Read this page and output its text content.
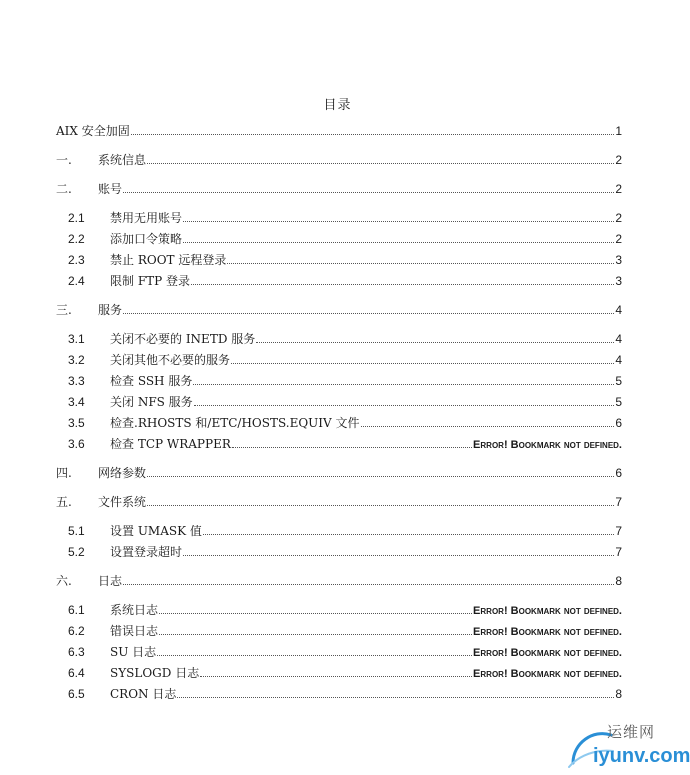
目录
AIX 安全加固	1
一. 系统信息	2
二. 账号	2
2.1 禁用无用账号	2
2.2 添加口令策略	2
2.3 禁止 ROOT 远程登录	3
2.4 限制 FTP 登录	3
三. 服务	4
3.1 关闭不必要的 INETD 服务	4
3.2 关闭其他不必要的服务	4
3.3 检查 SSH 服务	5
3.4 关闭 NFS 服务	5
3.5 检查.RHOSTS 和/ETC/HOSTS.EQUIV 文件	6
3.6 检查 TCP WRAPPER	Error! Bookmark not defined.
四. 网络参数	6
五. 文件系统	7
5.1 设置 UMASK 值	7
5.2 设置登录超时	7
六. 日志	8
6.1 系统日志	Error! Bookmark not defined.
6.2 错误日志	Error! Bookmark not defined.
6.3 SU 日志	Error! Bookmark not defined.
6.4 SYSLOGD 日志	Error! Bookmark not defined.
6.5 CRON 日志	8
运维网
iyunv.com
